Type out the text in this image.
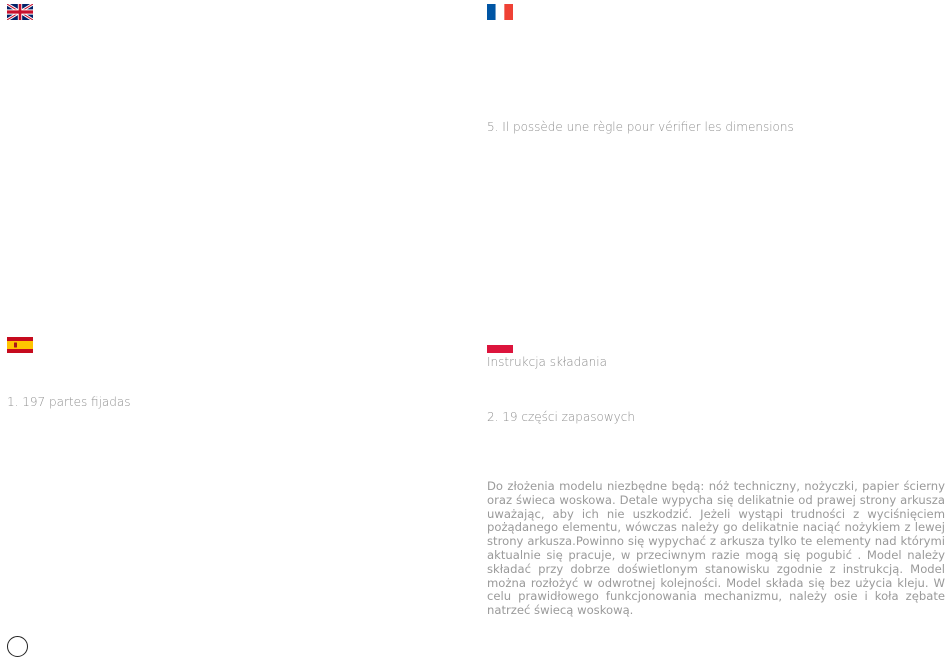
5. Il possède une règle pour vérifier les dimensions
1. 197 partes fijadas
Instrukcja składania
2. 19 części zapasowych
Do złożenia modelu niezbędne będą: nóż techniczny, nożyczki, papier ścierny oraz świeca woskowa. Detale wypycha się delikatnie od prawej strony arkusza uważając, aby ich nie uszkodzić. Jeżeli wystąpi trudności z wyciśnięciem pożądanego elementu, wówczas należy go delikatnie naciąć nożykiem z lewej strony arkusza.Powinno się wypychać z arkusza tylko te elementy nad którymi aktualnie się pracuje, w przeciwnym razie mogą się pogubić . Model należy składać przy dobrze doświetlonym stanowisku zgodnie z instrukcją. Model można rozłożyć w odwrotnej kolejności. Model składa się bez użycia kleju. W celu prawidłowego funkcjonowania mechanizmu, należy osie i koła zębate natrzeć świecą woskową.
